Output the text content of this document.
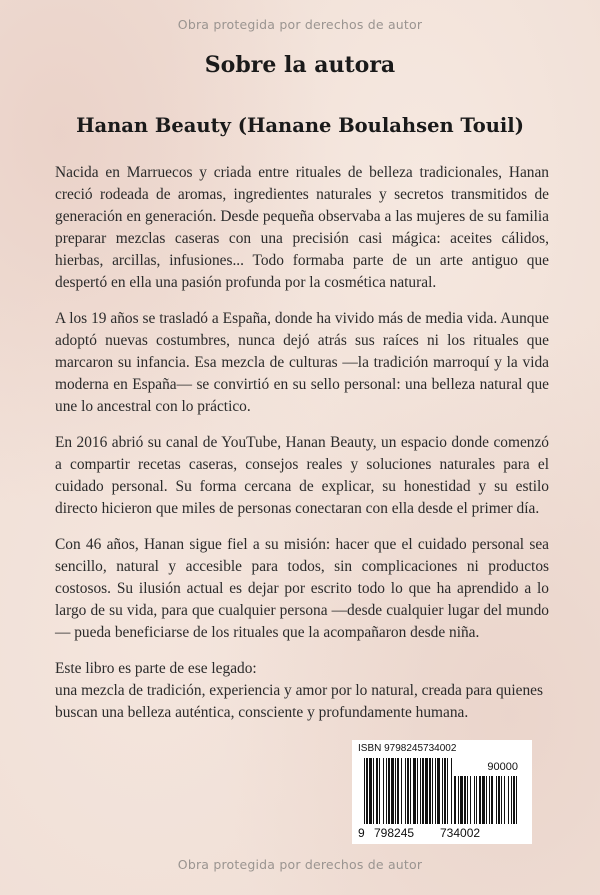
Obra protegida por derechos de autor
Sobre la autora
Hanan Beauty (Hanane Boulahsen Touil)

Nacida en Marruecos y criada entre rituales de belleza tradicionales, Hanan creció rodeada de aromas, ingredientes naturales y secretos transmitidos de generación en generación. Desde pequeña observaba a las mujeres de su familia preparar mezclas caseras con una precisión casi mágica: aceites cálidos, hierbas, arcillas, infusiones... Todo formaba parte de un arte antiguo que despertó en ella una pasión profunda por la cosmética natural.

A los 19 años se trasladó a España, donde ha vivido más de media vida. Aunque adoptó nuevas costumbres, nunca dejó atrás sus raíces ni los rituales que marcaron su infancia. Esa mezcla de culturas —la tradición marroquí y la vida moderna en España— se convirtió en su sello personal: una belleza natural que une lo ancestral con lo práctico.

En 2016 abrió su canal de YouTube, Hanan Beauty, un espacio donde comenzó a compartir recetas caseras, consejos reales y soluciones naturales para el cuidado personal. Su forma cercana de explicar, su honestidad y su estilo directo hicieron que miles de personas conectaran con ella desde el primer día.

Con 46 años, Hanan sigue fiel a su misión: hacer que el cuidado personal sea sencillo, natural y accesible para todos, sin complicaciones ni productos costosos. Su ilusión actual es dejar por escrito todo lo que ha aprendido a lo largo de su vida, para que cualquier persona —desde cualquier lugar del mundo— pueda beneficiarse de los rituales que la acompañaron desde niña.

Este libro es parte de ese legado:
una mezcla de tradición, experiencia y amor por lo natural, creada para quienes buscan una belleza auténtica, consciente y profundamente humana.

ISBN 9798245734002
90000
9 798245 734002
Obra protegida por derechos de autor
